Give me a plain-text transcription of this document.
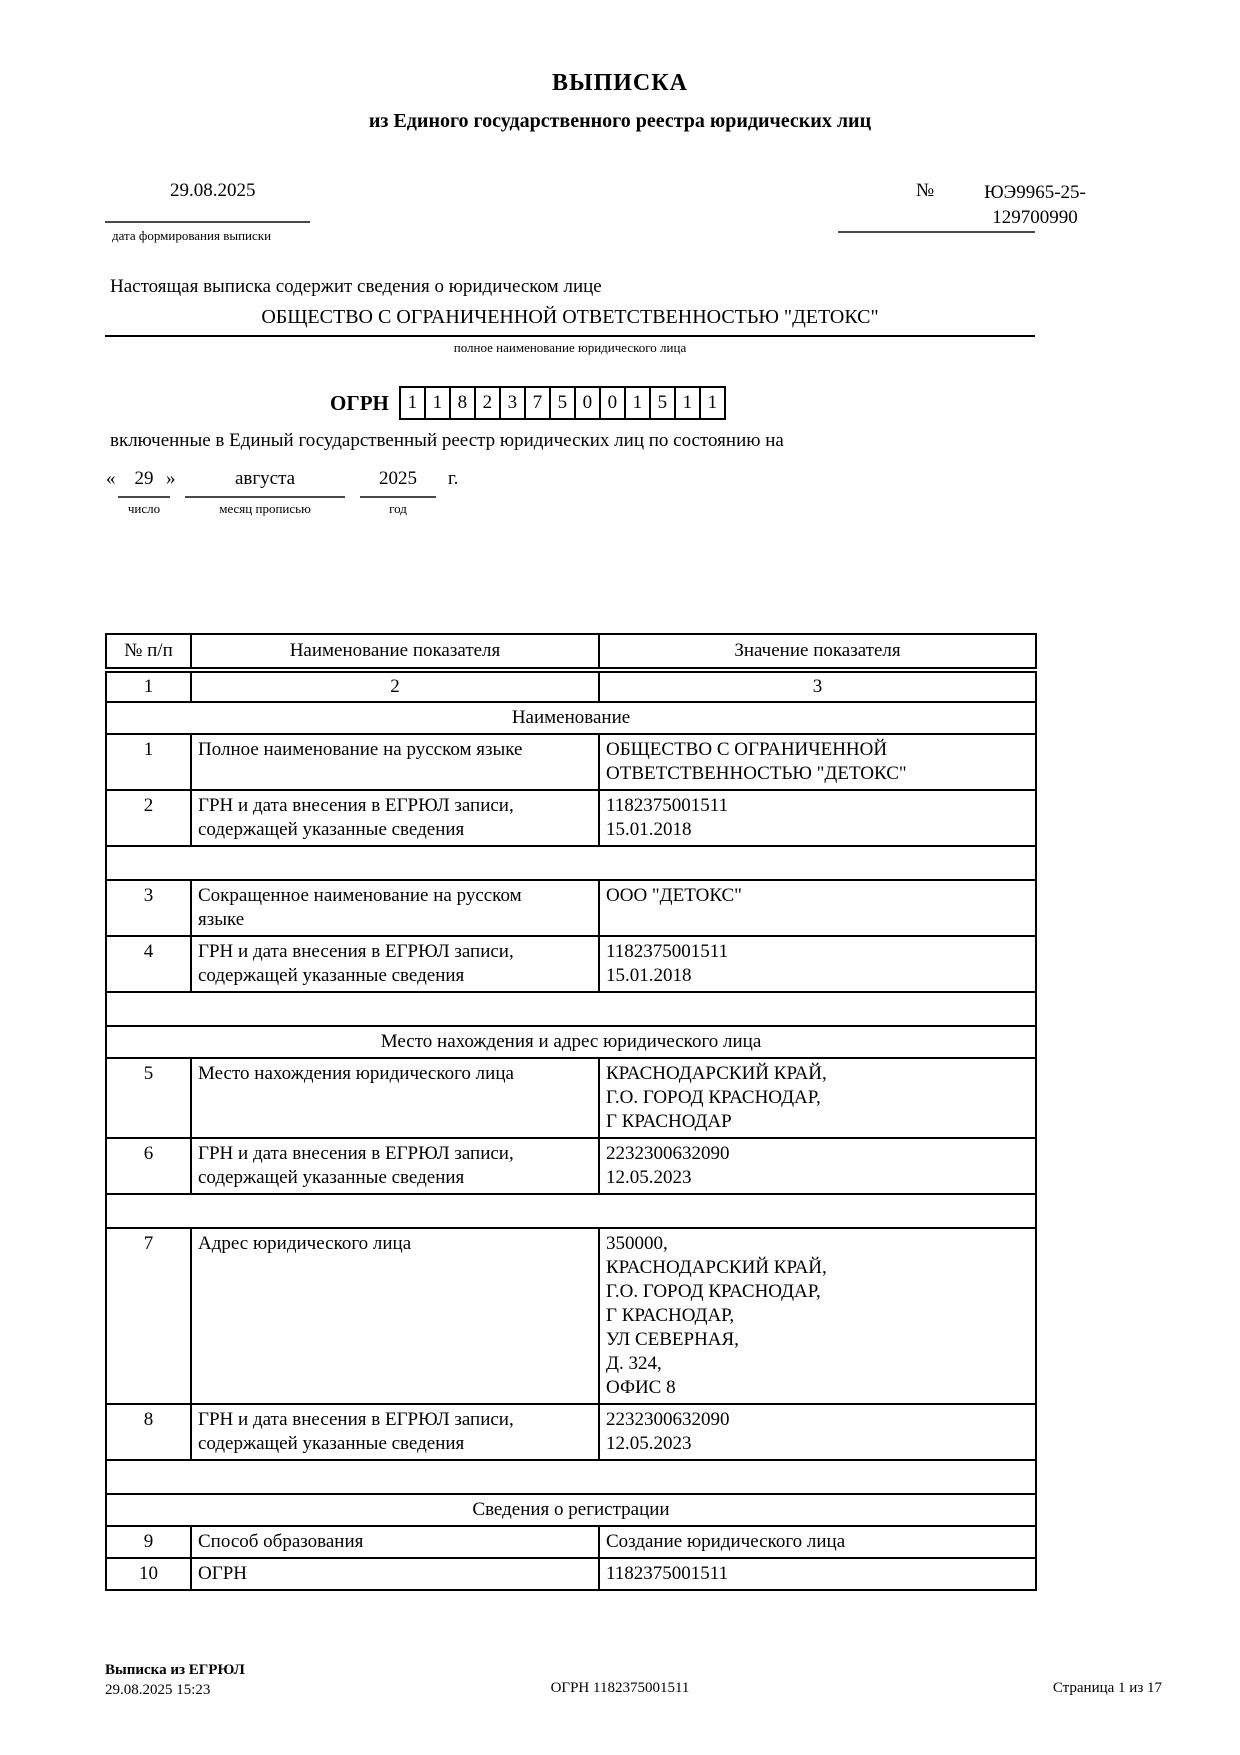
ВЫПИСКА
из Единого государственного реестра юридических лиц
29.08.2025
дата формирования выписки
№	ЮЭ9965-25-
129700990
Настоящая выписка содержит сведения о юридическом лице
ОБЩЕСТВО С ОГРАНИЧЕННОЙ ОТВЕТСТВЕННОСТЬЮ "ДЕТОКС"
полное наименование юридического лица
ОГРН 1 1 8 2 3 7 5 0 0 1 5 1 1
включенные в Единый государственный реестр юридических лиц по состоянию на
«	29 »	августа	2025	г.
число	месяц прописью	год
№ п/п	Наименование показателя	Значение показателя
1	2	3
Наименование		
1	Полное наименование на русском языке	ОБЩЕСТВО С ОГРАНИЧЕННОЙ
ОТВЕТСТВЕННОСТЬЮ "ДЕТОКС"

2	ГРН и дата внесения в ЕГРЮЛ записи,
содержащей указанные сведения	1182375001511
15.01.2018

3	Сокращенное наименование на русском
языке	ООО "ДЕТОКС"

4	ГРН и дата внесения в ЕГРЮЛ записи,
содержащей указанные сведения	1182375001511
15.01.2018

Место нахождения и адрес юридического лица		
5	Место нахождения юридического лица	КРАСНОДАРСКИЙ КРАЙ,
Г.О. ГОРОД КРАСНОДАР,
Г КРАСНОДАР

6	ГРН и дата внесения в ЕГРЮЛ записи,
содержащей указанные сведения	2232300632090
12.05.2023

7	Адрес юридического лица	350000,
КРАСНОДАРСКИЙ КРАЙ,
Г.О. ГОРОД КРАСНОДАР,
Г КРАСНОДАР,
УЛ СЕВЕРНАЯ,
Д. 324,
ОФИС 8

8	ГРН и дата внесения в ЕГРЮЛ записи,
содержащей указанные сведения	2232300632090
12.05.2023

Сведения о регистрации		
9	Способ образования	Создание юридического лица

10	ОГРН	1182375001511
Выписка из ЕГРЮЛ
29.08.2025 15:23	ОГРН 1182375001511	Страница 1 из 17
